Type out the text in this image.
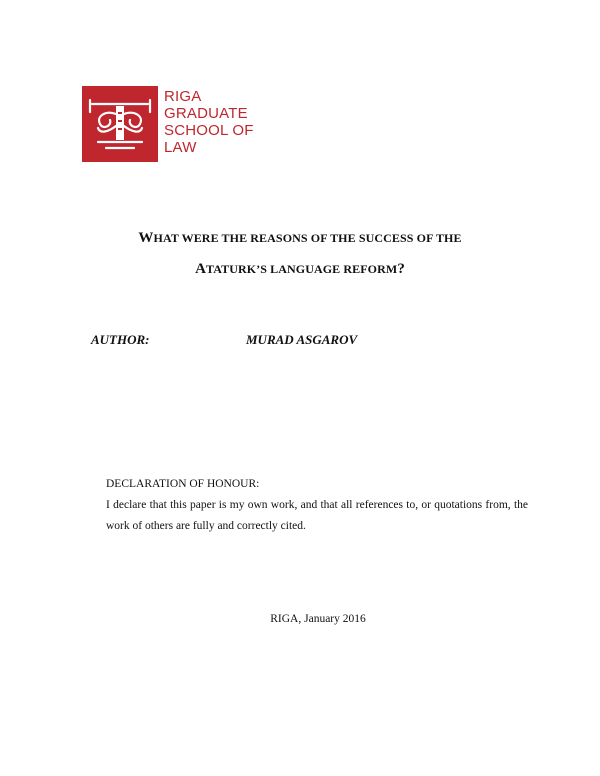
RIGA
GRADUATE
SCHOOL OF
LAW
WHAT WERE THE REASONS OF THE SUCCESS OF THE
ATATURK’S LANGUAGE REFORM?
AUTHOR:	MURAD ASGAROV
DECLARATION OF HONOUR:
I declare that this paper is my own work, and that all references to, or quotations from, the work of others are fully and correctly cited.
RIGA, January 2016
